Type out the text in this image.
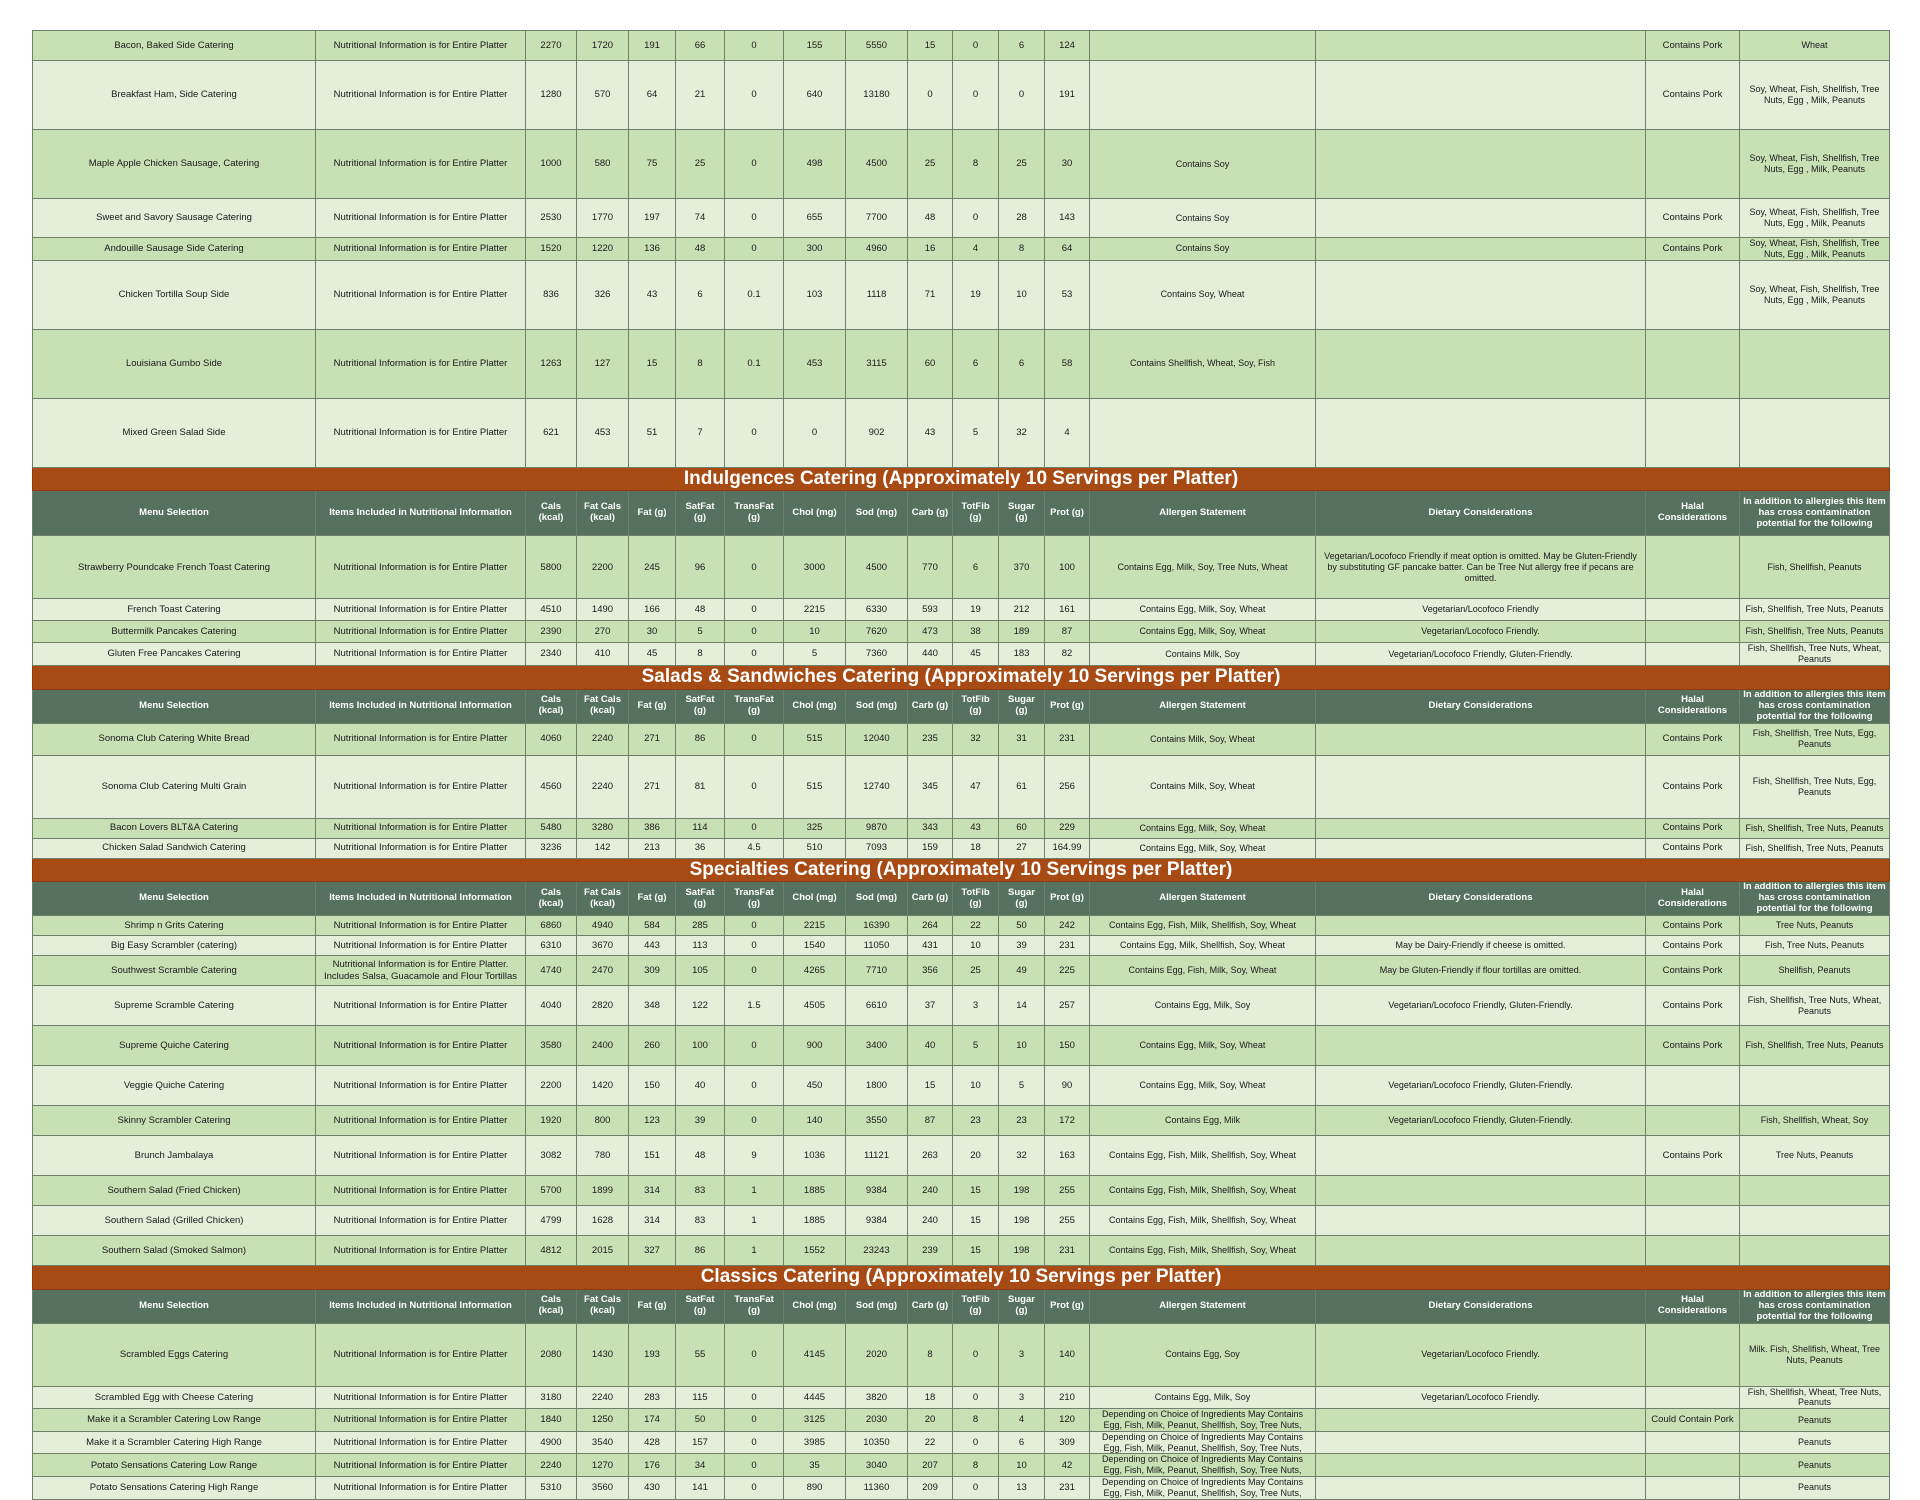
Bacon, Baked Side Catering	Nutritional Information is for Entire Platter	2270	1720	191	66	0	155	5550	15	0	6	124			Contains Pork	Wheat
Breakfast Ham, Side Catering	Nutritional Information is for Entire Platter	1280	570	64	21	0	640	13180	0	0	0	191			Contains Pork	Soy, Wheat, Fish, Shellfish, Tree Nuts, Egg , Milk, Peanuts
Maple Apple Chicken Sausage, Catering	Nutritional Information is for Entire Platter	1000	580	75	25	0	498	4500	25	8	25	30	Contains Soy			Soy, Wheat, Fish, Shellfish, Tree Nuts, Egg , Milk, Peanuts
Sweet and Savory Sausage Catering	Nutritional Information is for Entire Platter	2530	1770	197	74	0	655	7700	48	0	28	143	Contains Soy		Contains Pork	Soy, Wheat, Fish, Shellfish, Tree Nuts, Egg , Milk, Peanuts
Andouille Sausage Side Catering	Nutritional Information is for Entire Platter	1520	1220	136	48	0	300	4960	16	4	8	64	Contains Soy		Contains Pork	Soy, Wheat, Fish, Shellfish, Tree Nuts, Egg , Milk, Peanuts
Chicken Tortilla Soup Side	Nutritional Information is for Entire Platter	836	326	43	6	0.1	103	1118	71	19	10	53	Contains Soy, Wheat			Soy, Wheat, Fish, Shellfish, Tree Nuts, Egg , Milk, Peanuts
Louisiana Gumbo Side	Nutritional Information is for Entire Platter	1263	127	15	8	0.1	453	3115	60	6	6	58	Contains Shellfish, Wheat, Soy, Fish			
Mixed Green Salad Side	Nutritional Information is for Entire Platter	621	453	51	7	0	0	902	43	5	32	4				
Indulgences Catering (Approximately 10 Servings per Platter)																
Menu Selection	Items Included in Nutritional Information	Cals (kcal)	Fat Cals (kcal)	Fat (g)	SatFat (g)	TransFat (g)	Chol (mg)	Sod (mg)	Carb (g)	TotFib (g)	Sugar (g)	Prot (g)	Allergen Statement	Dietary Considerations	Halal Considerations	In addition to allergies this item has cross contamination potential for the following
Strawberry Poundcake French Toast Catering	Nutritional Information is for Entire Platter	5800	2200	245	96	0	3000	4500	770	6	370	100	Contains Egg, Milk, Soy, Tree Nuts, Wheat	Vegetarian/Locofoco Friendly if meat option is omitted. May be Gluten-Friendly by substituting GF pancake batter. Can be Tree Nut allergy free if pecans are omitted.		Fish, Shellfish, Peanuts
French Toast Catering	Nutritional Information is for Entire Platter	4510	1490	166	48	0	2215	6330	593	19	212	161	Contains Egg, Milk, Soy, Wheat	Vegetarian/Locofoco Friendly		Fish, Shellfish, Tree Nuts, Peanuts
Buttermilk Pancakes Catering	Nutritional Information is for Entire Platter	2390	270	30	5	0	10	7620	473	38	189	87	Contains Egg, Milk, Soy, Wheat	Vegetarian/Locofoco Friendly.		Fish, Shellfish, Tree Nuts, Peanuts
Gluten Free Pancakes Catering	Nutritional Information is for Entire Platter	2340	410	45	8	0	5	7360	440	45	183	82	Contains Milk, Soy	Vegetarian/Locofoco Friendly, Gluten-Friendly.		Fish, Shellfish, Tree Nuts, Wheat, Peanuts
Salads & Sandwiches Catering (Approximately 10 Servings per Platter)																
Menu Selection	Items Included in Nutritional Information	Cals (kcal)	Fat Cals (kcal)	Fat (g)	SatFat (g)	TransFat (g)	Chol (mg)	Sod (mg)	Carb (g)	TotFib (g)	Sugar (g)	Prot (g)	Allergen Statement	Dietary Considerations	Halal Considerations	In addition to allergies this item has cross contamination potential for the following
Sonoma Club Catering White Bread	Nutritional Information is for Entire Platter	4060	2240	271	86	0	515	12040	235	32	31	231	Contains Milk, Soy, Wheat		Contains Pork	Fish, Shellfish, Tree Nuts, Egg, Peanuts
Sonoma Club Catering Multi Grain	Nutritional Information is for Entire Platter	4560	2240	271	81	0	515	12740	345	47	61	256	Contains Milk, Soy, Wheat		Contains Pork	Fish, Shellfish, Tree Nuts, Egg, Peanuts
Bacon Lovers BLT&A Catering	Nutritional Information is for Entire Platter	5480	3280	386	114	0	325	9870	343	43	60	229	Contains Egg, Milk, Soy, Wheat		Contains Pork	Fish, Shellfish, Tree Nuts, Peanuts
Chicken Salad Sandwich Catering	Nutritional Information is for Entire Platter	3236	142	213	36	4.5	510	7093	159	18	27	164.99	Contains Egg, Milk, Soy, Wheat		Contains Pork	Fish, Shellfish, Tree Nuts, Peanuts
Specialties Catering (Approximately 10 Servings per Platter)																
Menu Selection	Items Included in Nutritional Information	Cals (kcal)	Fat Cals (kcal)	Fat (g)	SatFat (g)	TransFat (g)	Chol (mg)	Sod (mg)	Carb (g)	TotFib (g)	Sugar (g)	Prot (g)	Allergen Statement	Dietary Considerations	Halal Considerations	In addition to allergies this item has cross contamination potential for the following
Shrimp n Grits Catering	Nutritional Information is for Entire Platter	6860	4940	584	285	0	2215	16390	264	22	50	242	Contains Egg, Fish, Milk, Shellfish, Soy, Wheat		Contains Pork	Tree Nuts, Peanuts
Big Easy Scrambler (catering)	Nutritional Information is for Entire Platter	6310	3670	443	113	0	1540	11050	431	10	39	231	Contains Egg, Milk, Shellfish, Soy, Wheat	May be Dairy-Friendly if cheese is omitted.	Contains Pork	Fish, Tree Nuts, Peanuts
Southwest Scramble Catering	Nutritional Information is for Entire Platter. Includes Salsa, Guacamole and Flour Tortillas	4740	2470	309	105	0	4265	7710	356	25	49	225	Contains Egg, Fish, Milk, Soy, Wheat	May be Gluten-Friendly if flour tortillas are omitted.	Contains Pork	Shellfish, Peanuts
Supreme Scramble Catering	Nutritional Information is for Entire Platter	4040	2820	348	122	1.5	4505	6610	37	3	14	257	Contains Egg, Milk, Soy	Vegetarian/Locofoco Friendly, Gluten-Friendly.	Contains Pork	Fish, Shellfish, Tree Nuts, Wheat, Peanuts
Supreme Quiche Catering	Nutritional Information is for Entire Platter	3580	2400	260	100	0	900	3400	40	5	10	150	Contains Egg, Milk, Soy, Wheat		Contains Pork	Fish, Shellfish, Tree Nuts, Peanuts
Veggie Quiche Catering	Nutritional Information is for Entire Platter	2200	1420	150	40	0	450	1800	15	10	5	90	Contains Egg, Milk, Soy, Wheat	Vegetarian/Locofoco Friendly, Gluten-Friendly.		
Skinny Scrambler Catering	Nutritional Information is for Entire Platter	1920	800	123	39	0	140	3550	87	23	23	172	Contains Egg, Milk	Vegetarian/Locofoco Friendly, Gluten-Friendly.		Fish, Shellfish, Wheat, Soy
Brunch Jambalaya	Nutritional Information is for Entire Platter	3082	780	151	48	9	1036	11121	263	20	32	163	Contains Egg, Fish, Milk, Shellfish, Soy, Wheat		Contains Pork	Tree Nuts, Peanuts
Southern Salad (Fried Chicken)	Nutritional Information is for Entire Platter	5700	1899	314	83	1	1885	9384	240	15	198	255	Contains Egg, Fish, Milk, Shellfish, Soy, Wheat			
Southern Salad (Grilled Chicken)	Nutritional Information is for Entire Platter	4799	1628	314	83	1	1885	9384	240	15	198	255	Contains Egg, Fish, Milk, Shellfish, Soy, Wheat			
Southern Salad (Smoked Salmon)	Nutritional Information is for Entire Platter	4812	2015	327	86	1	1552	23243	239	15	198	231	Contains Egg, Fish, Milk, Shellfish, Soy, Wheat			
Classics Catering (Approximately 10 Servings per Platter)																
Menu Selection	Items Included in Nutritional Information	Cals (kcal)	Fat Cals (kcal)	Fat (g)	SatFat (g)	TransFat (g)	Chol (mg)	Sod (mg)	Carb (g)	TotFib (g)	Sugar (g)	Prot (g)	Allergen Statement	Dietary Considerations	Halal Considerations	In addition to allergies this item has cross contamination potential for the following
Scrambled Eggs Catering	Nutritional Information is for Entire Platter	2080	1430	193	55	0	4145	2020	8	0	3	140	Contains Egg, Soy	Vegetarian/Locofoco Friendly.		Milk. Fish, Shellfish, Wheat, Tree Nuts, Peanuts
Scrambled Egg with Cheese Catering	Nutritional Information is for Entire Platter	3180	2240	283	115	0	4445	3820	18	0	3	210	Contains Egg, Milk, Soy	Vegetarian/Locofoco Friendly.		Fish, Shellfish, Wheat, Tree Nuts, Peanuts
Make it a Scrambler Catering Low Range	Nutritional Information is for Entire Platter	1840	1250	174	50	0	3125	2030	20	8	4	120	Depending on Choice of Ingredients May Contains Egg, Fish, Milk, Peanut, Shellfish, Soy, Tree Nuts,		Could Contain Pork	Peanuts
Make it a Scrambler Catering High Range	Nutritional Information is for Entire Platter	4900	3540	428	157	0	3985	10350	22	0	6	309	Depending on Choice of Ingredients May Contains Egg, Fish, Milk, Peanut, Shellfish, Soy, Tree Nuts,			Peanuts
Potato Sensations Catering Low Range	Nutritional Information is for Entire Platter	2240	1270	176	34	0	35	3040	207	8	10	42	Depending on Choice of Ingredients May Contains Egg, Fish, Milk, Peanut, Shellfish, Soy, Tree Nuts,			Peanuts
Potato Sensations Catering High Range	Nutritional Information is for Entire Platter	5310	3560	430	141	0	890	11360	209	0	13	231	Depending on Choice of Ingredients May Contains Egg, Fish, Milk, Peanut, Shellfish, Soy, Tree Nuts,			Peanuts
